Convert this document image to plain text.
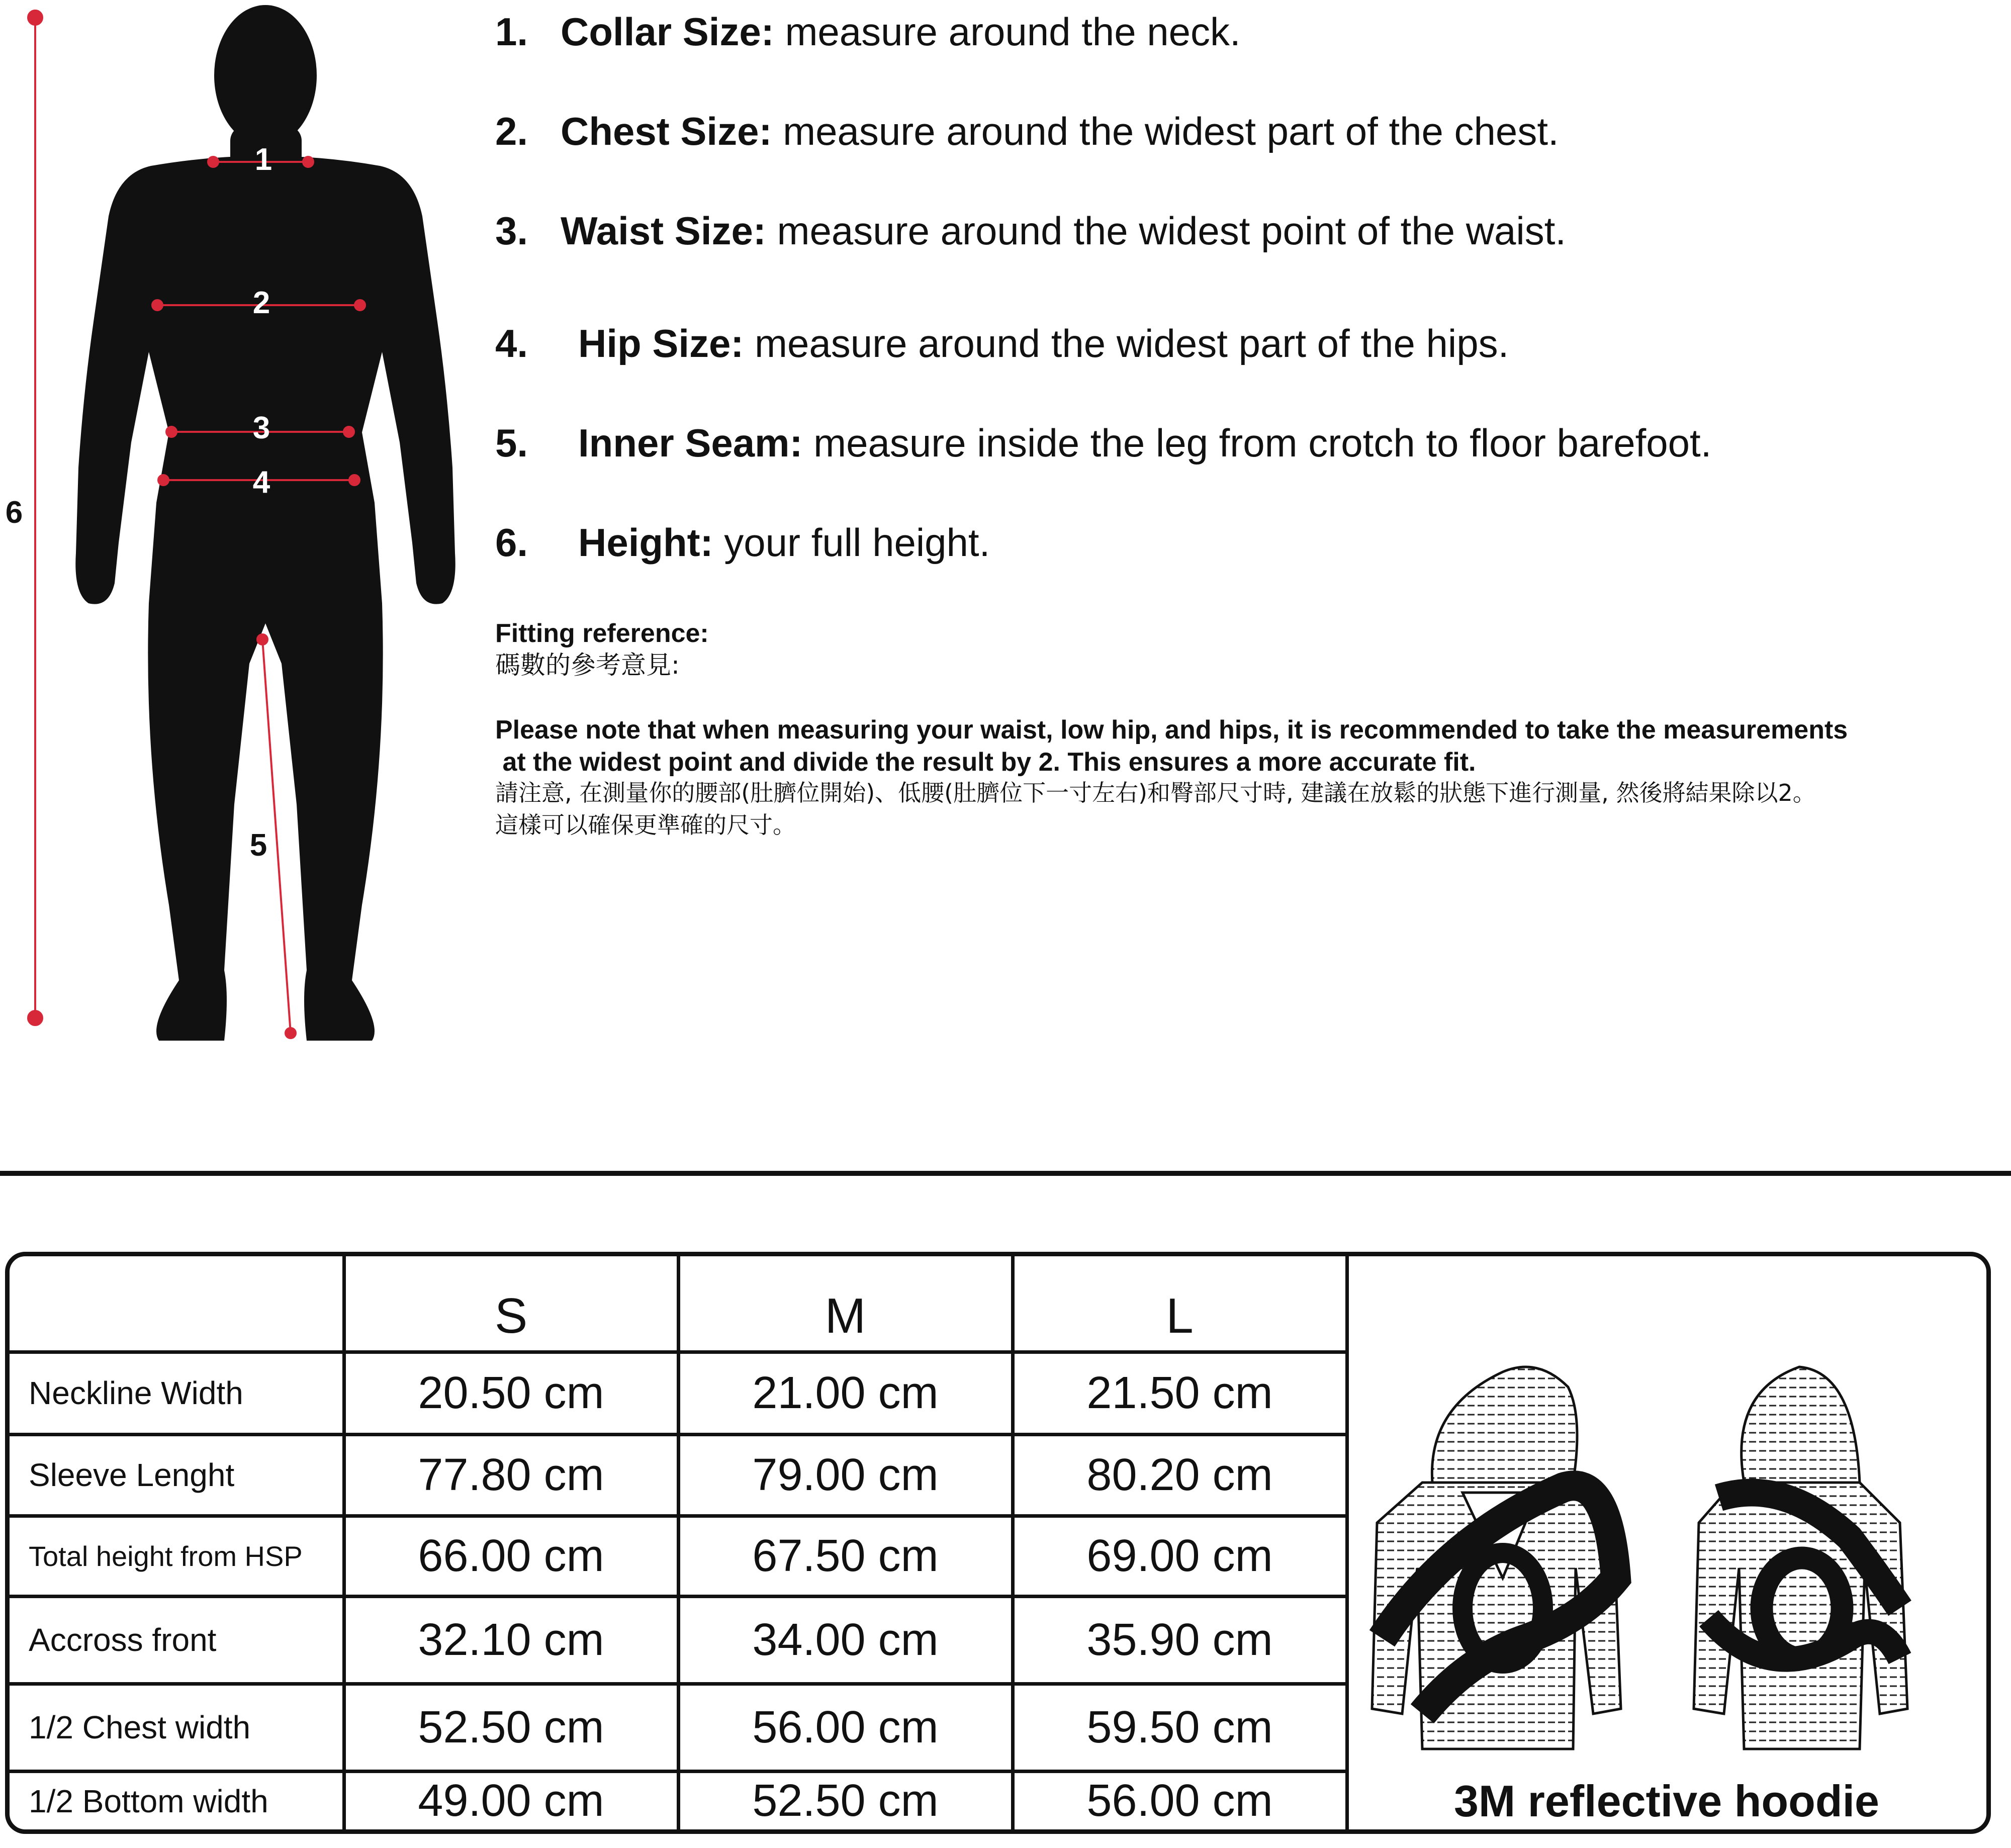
1
2
3
4
5
6
1. Collar Size: measure around the neck.
2. Chest Size: measure around the widest part of the chest.
3. Waist Size: measure around the widest point of the waist.
4. Hip Size: measure around the widest part of the hips.
5. Inner Seam: measure inside the leg from crotch to floor barefoot.
6. Height: your full height.
Fitting reference:
碼數的參考意見:
Please note that when measuring your waist, low hip, and hips, it is recommended to take the measurements
at the widest point and divide the result by 2. This ensures a more accurate fit.
請注意, 在測量你的腰部(肚臍位開始)、低腰(肚臍位下一寸左右)和臀部尺寸時, 建議在放鬆的狀態下進行測量, 然後將結果除以2。
這樣可以確保更準確的尺寸。
	S	M	L
Neckline Width	20.50 cm	21.00 cm	21.50 cm
Sleeve Lenght	77.80 cm	79.00 cm	80.20 cm
Total height from HSP	66.00 cm	67.50 cm	69.00 cm
Accross front	32.10 cm	34.00 cm	35.90 cm
1/2 Chest width	52.50 cm	56.00 cm	59.50 cm
1/2 Bottom width	49.00 cm	52.50 cm	56.00 cm	3M reflective hoodie
